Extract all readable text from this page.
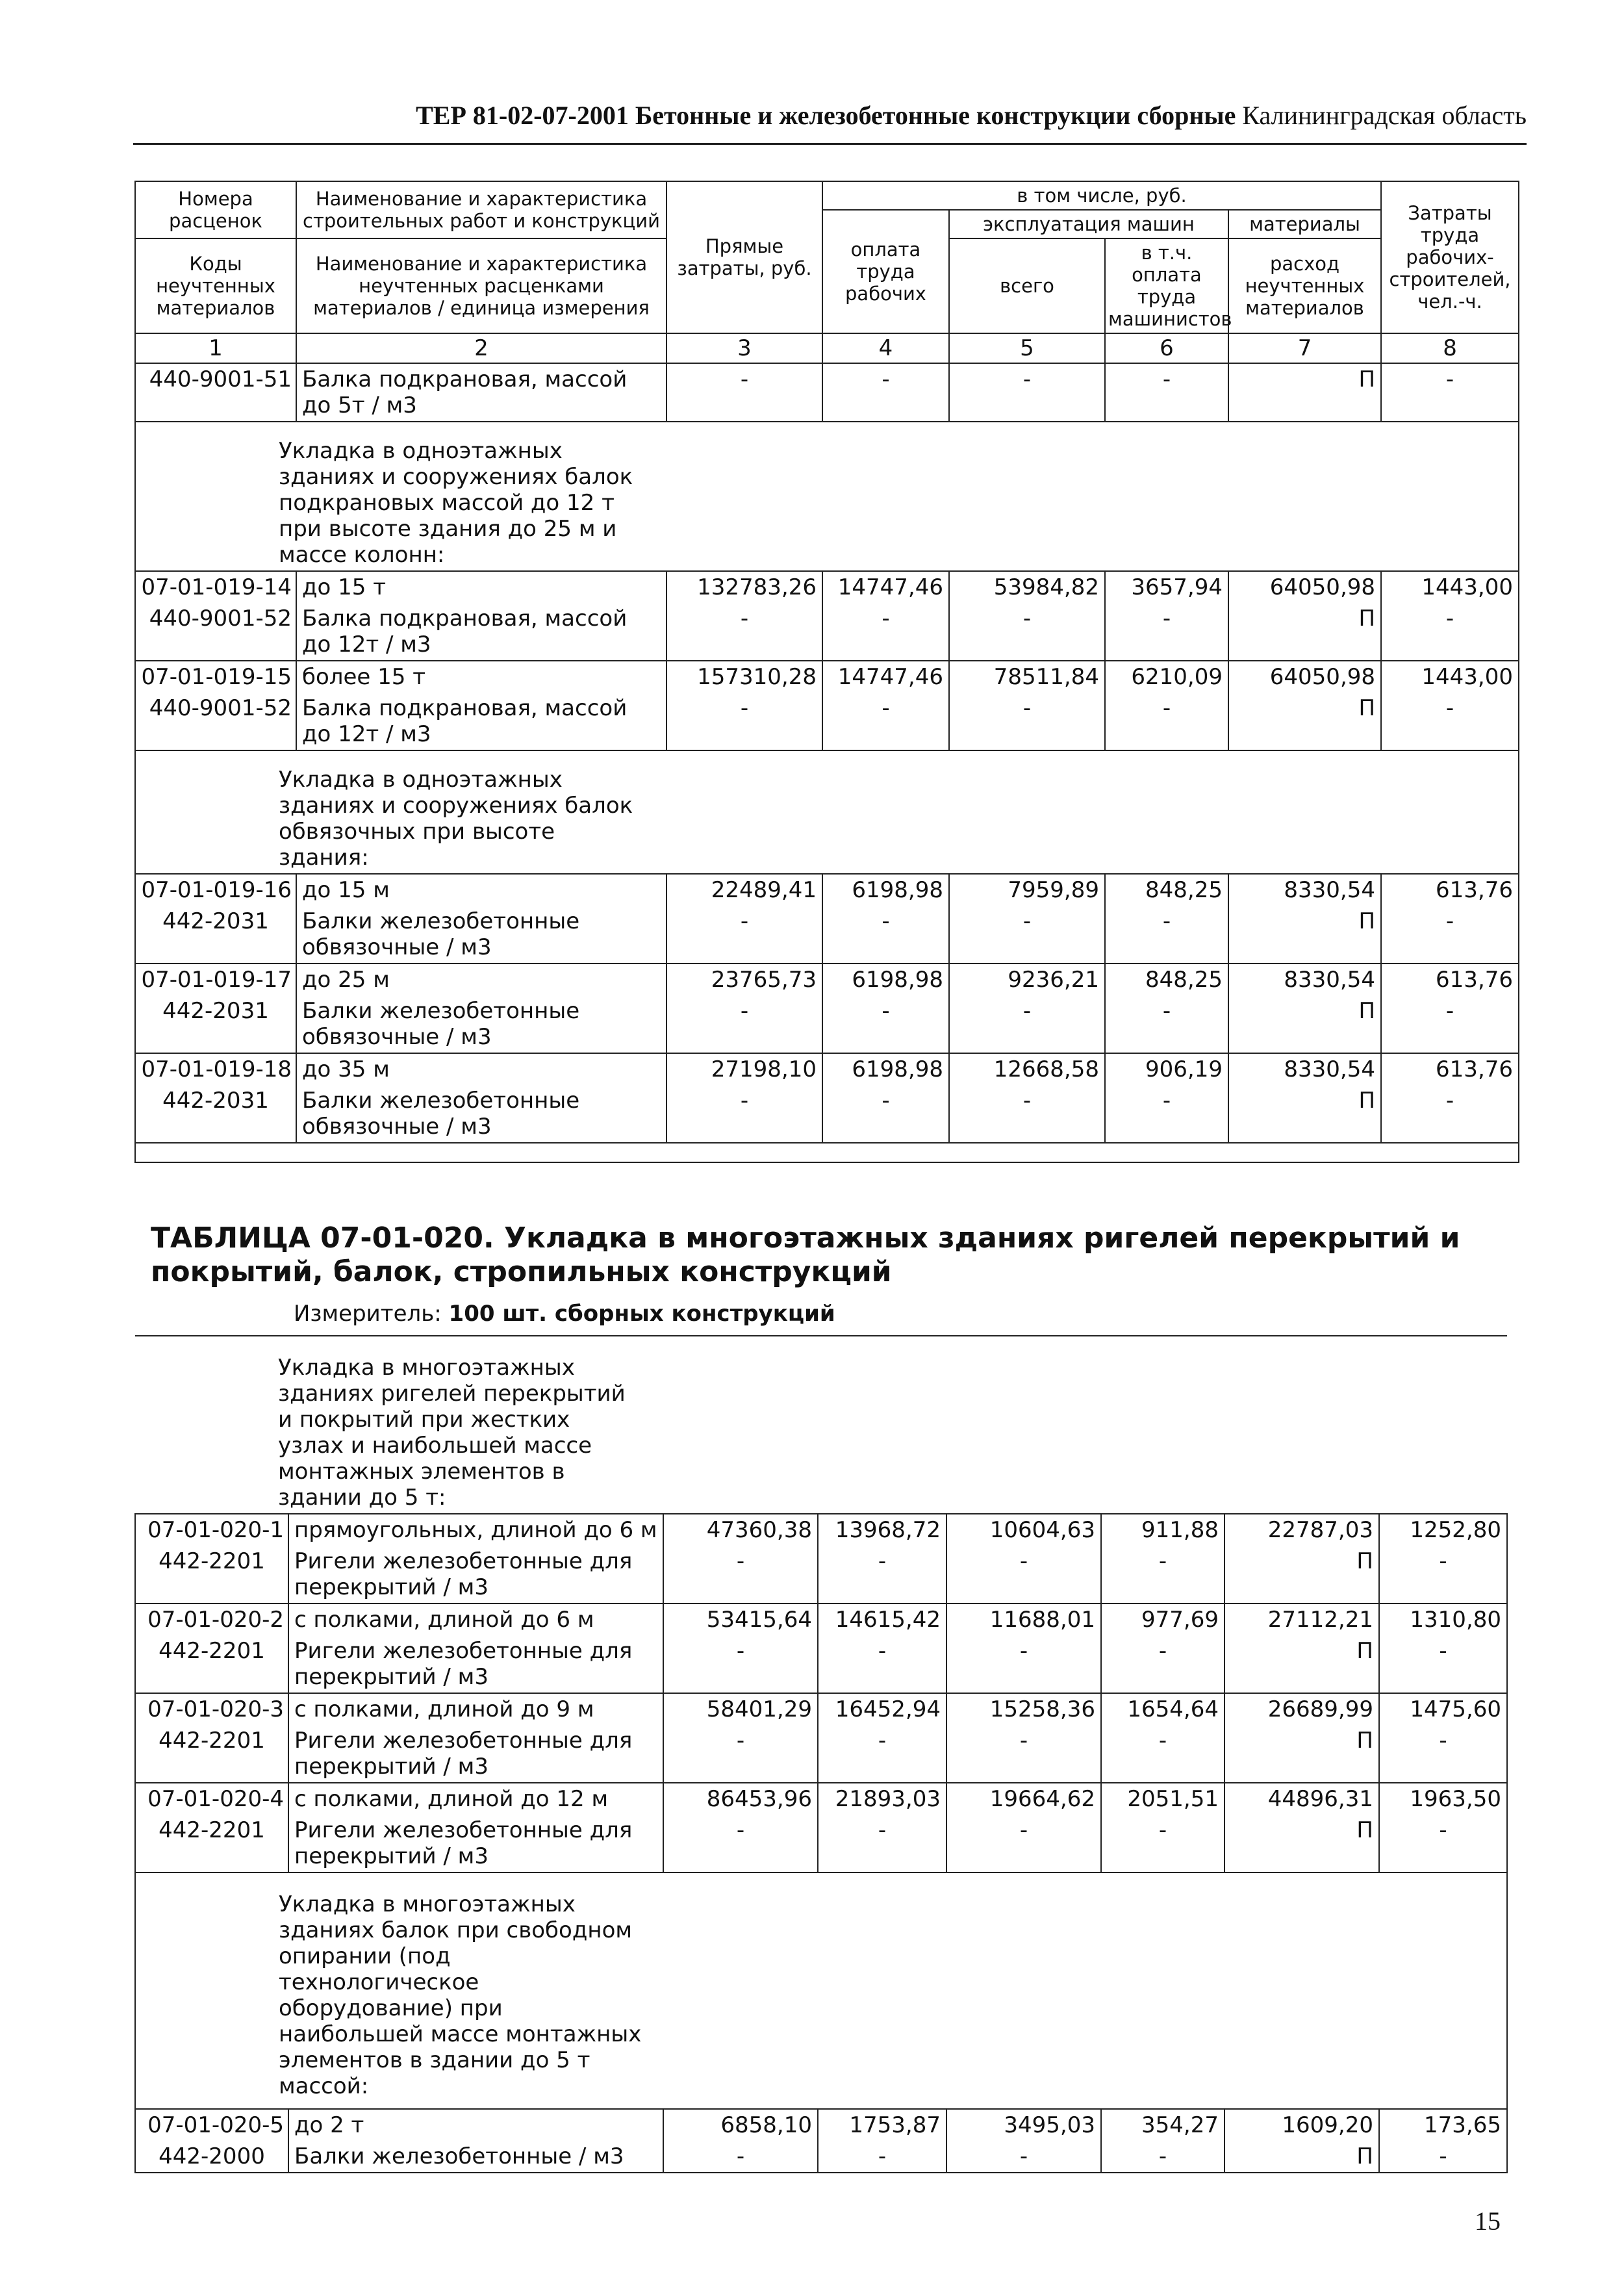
ТЕР 81-02-07-2001 Бетонные и железобетонные конструкции сборные Калининградская область
Номера расценок	Наименование и характеристика строительных работ и конструкций	Прямые затраты, руб.	в том числе, руб.				Затраты труда рабочих-строителей, чел.-ч.
			оплата труда рабочих	эксплуатация машин		материалы	
Коды неучтенных материалов	Наименование и характеристика неучтенных расценками материалов / единица измерения			всего	в т.ч. оплата труда машинистов	расход неучтенных материалов	

1	2	3	4	5	6	7	8
440-9001-51	Балка подкрановая, массой до 5т / м3	-	-	-	-	П	-

Укладка в одноэтажных зданиях и сооружениях балок подкрановых массой до 12 т при высоте здания до 25 м и массе колонн:							

07-01-019-14	до 15 т	132783,26	14747,46	53984,82	3657,94	64050,98	1443,00
440-9001-52	Балка подкрановая, массой до 12т / м3	-	-	-	-	П	-
07-01-019-15	более 15 т	157310,28	14747,46	78511,84	6210,09	64050,98	1443,00
440-9001-52	Балка подкрановая, массой до 12т / м3	-	-	-	-	П	-

Укладка в одноэтажных зданиях и сооружениях балок обвязочных при высоте здания:							

07-01-019-16	до 15 м	22489,41	6198,98	7959,89	848,25	8330,54	613,76
442-2031	Балки железобетонные обвязочные / м3	-	-	-	-	П	-
07-01-019-17	до 25 м	23765,73	6198,98	9236,21	848,25	8330,54	613,76
442-2031	Балки железобетонные обвязочные / м3	-	-	-	-	П	-
07-01-019-18	до 35 м	27198,10	6198,98	12668,58	906,19	8330,54	613,76
442-2031	Балки железобетонные обвязочные / м3	-	-	-	-	П	-

ТАБЛИЦА 07-01-020. Укладка в многоэтажных зданиях ригелей перекрытий и покрытий, балок, стропильных конструкций
Измеритель: 100 шт. сборных конструкций
Укладка в многоэтажных зданиях ригелей перекрытий и покрытий при жестких узлах и наибольшей массе монтажных элементов в здании до 5 т:							

07-01-020-1	прямоугольных, длиной до 6 м	47360,38	13968,72	10604,63	911,88	22787,03	1252,80
442-2201	Ригели железобетонные для перекрытий / м3	-	-	-	-	П	-
07-01-020-2	с полками, длиной до 6 м	53415,64	14615,42	11688,01	977,69	27112,21	1310,80
442-2201	Ригели железобетонные для перекрытий / м3	-	-	-	-	П	-
07-01-020-3	с полками, длиной до 9 м	58401,29	16452,94	15258,36	1654,64	26689,99	1475,60
442-2201	Ригели железобетонные для перекрытий / м3	-	-	-	-	П	-
07-01-020-4	с полками, длиной до 12 м	86453,96	21893,03	19664,62	2051,51	44896,31	1963,50
442-2201	Ригели железобетонные для перекрытий / м3	-	-	-	-	П	-

Укладка в многоэтажных зданиях балок при свободном опирании (под технологическое оборудование) при наибольшей массе монтажных элементов в здании до 5 т массой:							

07-01-020-5	до 2 т	6858,10	1753,87	3495,03	354,27	1609,20	173,65
442-2000	Балки железобетонные / м3	-	-	-	-	П	-
15
